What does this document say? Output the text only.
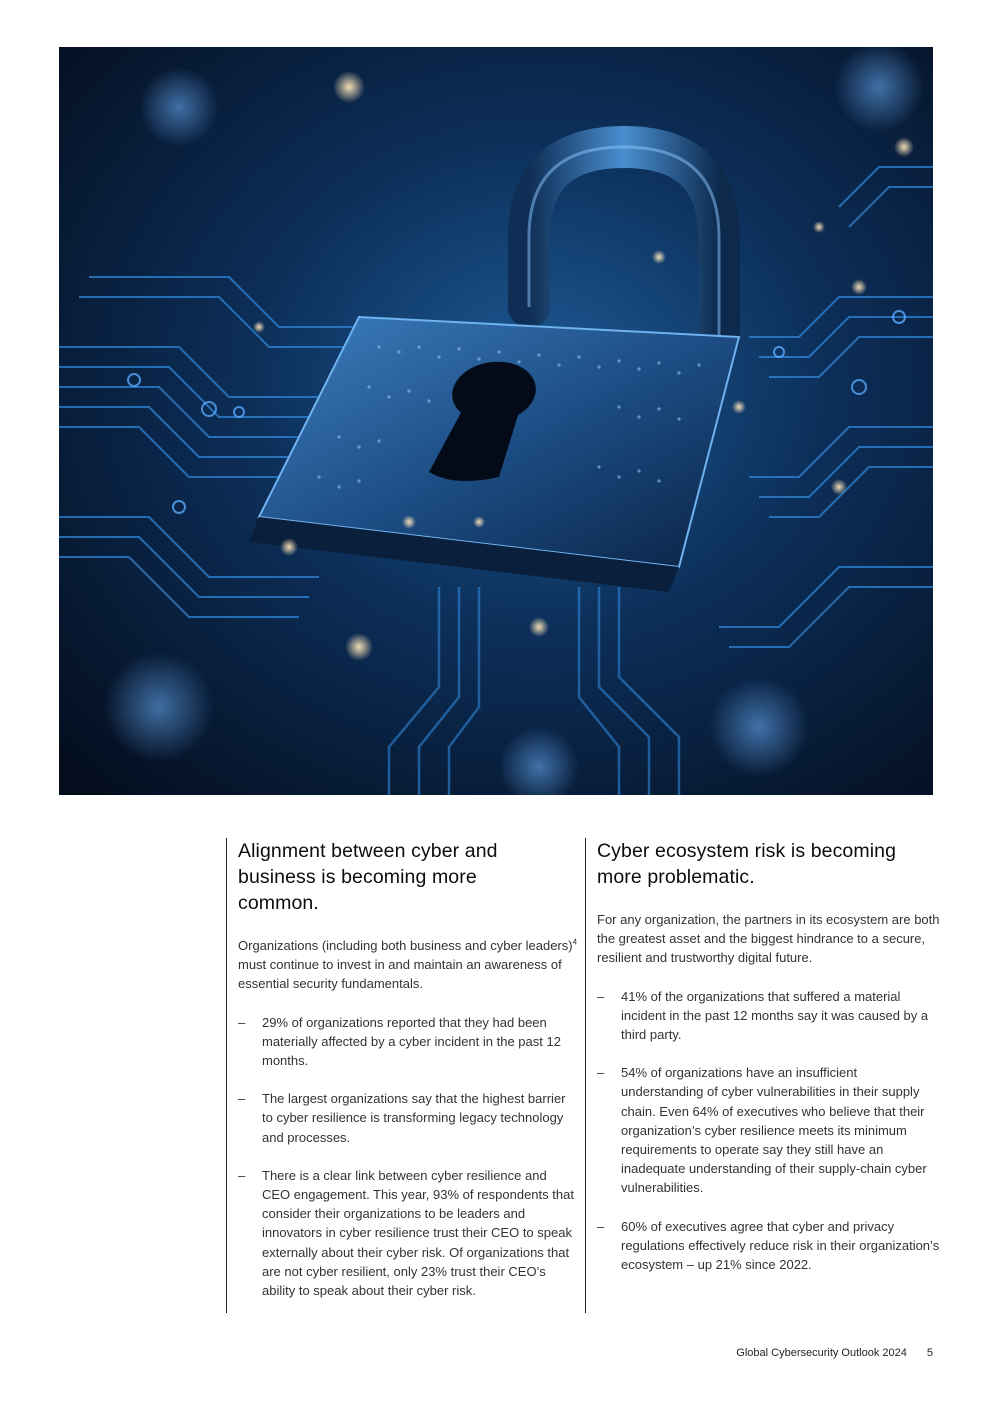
Alignment between cyber and business is becoming more common.

Organizations (including both business and cyber leaders)$^4$ must continue to invest in and maintain an awareness of essential security fundamentals.

– 29% of organizations reported that they had been materially affected by a cyber incident in the past 12 months.
– The largest organizations say that the highest barrier to cyber resilience is transforming legacy technology and processes.
– There is a clear link between cyber resilience and CEO engagement. This year, 93% of respondents that consider their organizations to be leaders and innovators in cyber resilience trust their CEO to speak externally about their cyber risk. Of organizations that are not cyber resilient, only 23% trust their CEO’s ability to speak about their cyber risk.
Cyber ecosystem risk is becoming more problematic.

For any organization, the partners in its ecosystem are both the greatest asset and the biggest hindrance to a secure, resilient and trustworthy digital future.

– 41% of the organizations that suffered a material incident in the past 12 months say it was caused by a third party.
– 54% of organizations have an insufficient understanding of cyber vulnerabilities in their supply chain. Even 64% of executives who believe that their organization’s cyber resilience meets its minimum requirements to operate say they still have an inadequate understanding of their supply-chain cyber vulnerabilities.
– 60% of executives agree that cyber and privacy regulations effectively reduce risk in their organization’s ecosystem – up 21% since 2022.
Global Cybersecurity Outlook 2024 5
